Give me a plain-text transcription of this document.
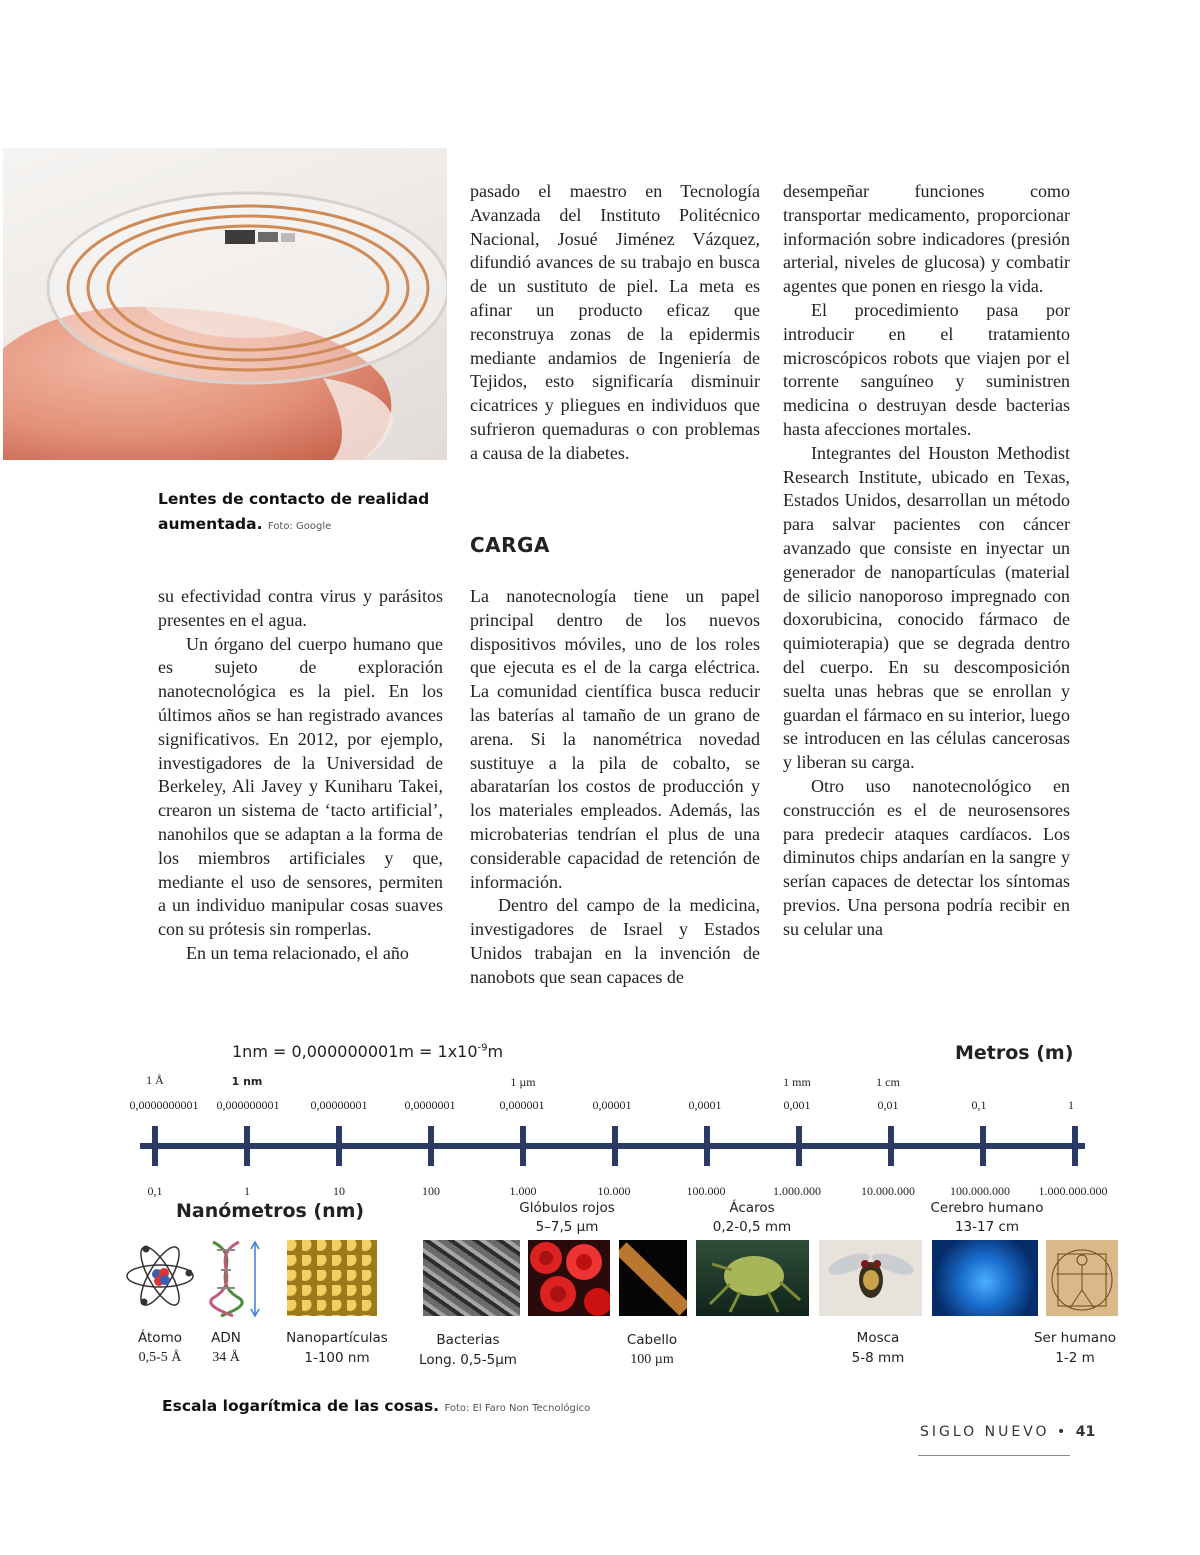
Lentes de contacto de realidad aumentada. Foto: Google

pasado el maestro en Tecnología Avanzada del Instituto Politécnico Nacional, Josué Jiménez Vázquez, difundió avances de su trabajo en busca de un sustituto de piel. La meta es afinar un producto eficaz que reconstruya zonas de la epidermis mediante andamios de Ingeniería de Tejidos, esto significaría disminuir cicatrices y pliegues en individuos que sufrieron quemaduras o con problemas a causa de la diabetes.

CARGA

su efectividad contra virus y parásitos presentes en el agua.

Un órgano del cuerpo humano que es sujeto de exploración nanotecnológica es la piel. En los últimos años se han registrado avances significativos. En 2012, por ejemplo, investigadores de la Universidad de Berkeley, Ali Javey y Kuniharu Takei, crearon un sistema de ‘tacto artificial’, nanohilos que se adaptan a la forma de los miembros artificiales y que, mediante el uso de sensores, permiten a un individuo manipular cosas suaves con su prótesis sin romperlas.

En un tema relacionado, el año

La nanotecnología tiene un papel principal dentro de los nuevos dispositivos móviles, uno de los roles que ejecuta es el de la carga eléctrica. La comunidad científica busca reducir las baterías al tamaño de un grano de arena. Si la nanométrica novedad sustituye a la pila de cobalto, se abaratarían los costos de producción y los materiales empleados. Además, las microbaterias tendrían el plus de una considerable capacidad de retención de información.

Dentro del campo de la medicina, investigadores de Israel y Estados Unidos trabajan en la invención de nanobots que sean capaces de

desempeñar funciones como transportar medicamento, proporcionar información sobre indicadores (presión arterial, niveles de glucosa) y combatir agentes que ponen en riesgo la vida.

El procedimiento pasa por introducir en el tratamiento microscópicos robots que viajen por el torrente sanguíneo y suministren medicina o destruyan desde bacterias hasta afecciones mortales.

Integrantes del Houston Methodist Research Institute, ubicado en Texas, Estados Unidos, desarrollan un método para salvar pacientes con cáncer avanzado que consiste en inyectar un generador de nanopartículas (material de silicio nanoporoso impregnado con doxorubicina, conocido fármaco de quimioterapia) que se degrada dentro del cuerpo. En su descomposición suelta unas hebras que se enrollan y guardan el fármaco en su interior, luego se introducen en las células cancerosas y liberan su carga.

Otro uso nanotecnológico en construcción es el de neurosensores para predecir ataques cardíacos. Los diminutos chips andarían en la sangre y serían capaces de detectar los síntomas previos. Una persona podría recibir en su celular una

$1nm = 0,000000001m = 1x10^{-9}m$	Metros (m)
1 Å	1 nm	1 µm	1 mm	1 cm
0,0000000001	0,000000001	0,00000001	0,0000001	0,000001	0,00001	0,0001	0,001	0,01	0,1	1
0,1	1	10	100	1.000	10.000	100.000	1.000.000	10.000.000	100.000.000	1.000.000.000
Nanómetros (nm)	Glóbulos rojos
5–7,5 µm
Ácaros
0,2-0,5 mm
Cerebro humano
13-17 cm
Átomo
0,5-5 Å
ADN
34 Å
Nanopartículas
1-100 nm
Bacterias
Long. 0,5-5µm
Cabello
100 µm
Mosca
5-8 mm
Ser humano
1-2 m
Escala logarítmica de las cosas. Foto: El Faro Non Tecnológico
SIGLO NUEVO • 41
